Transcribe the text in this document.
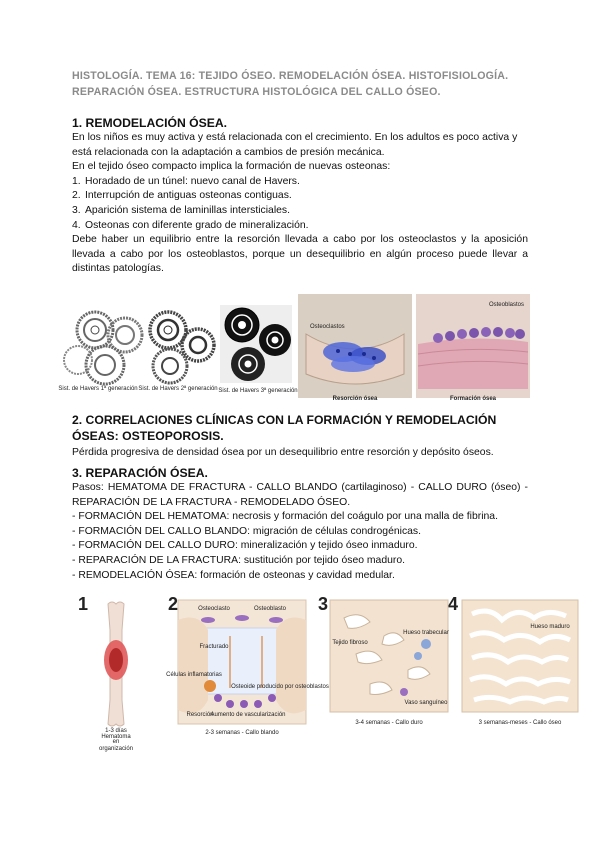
HISTOLOGÍA. TEMA 16: TEJIDO ÓSEO. REMODELACIÓN ÓSEA. HISTOFISIOLOGÍA.
REPARACIÓN ÓSEA. ESTRUCTURA HISTOLÓGICA DEL CALLO ÓSEO.
1. REMODELACIÓN ÓSEA.
En los niños es muy activa y está relacionada con el crecimiento. En los adultos es poco activa y está relacionada con la adaptación a cambios de presión mecánica.
En el tejido óseo compacto implica la formación de nuevas osteonas:
1. Horadado de un túnel: nuevo canal de Havers.
2. Interrupción de antiguas osteonas contiguas.
3. Aparición sistema de laminillas intersticiales.
4. Osteonas con diferente grado de mineralización.
Debe haber un equilibrio entre la resorción llevada a cabo por los osteoclastos y la aposición llevada a cabo por los osteoblastos, porque un desequilibrio en algún proceso puede llevar a distintas patologías.
Sist. de Havers 1ª generación Sist. de Havers 2ª generación Sist. de Havers 3ª generación
Osteoclastos
Resorción ósea
Osteoblastos
Formación ósea
2. CORRELACIONES CLÍNICAS CON LA FORMACIÓN Y REMODELACIÓN ÓSEAS: OSTEOPOROSIS.
Pérdida progresiva de densidad ósea por un desequilibrio entre resorción y depósito óseos.
3. REPARACIÓN ÓSEA.
Pasos: HEMATOMA DE FRACTURA - CALLO BLANDO (cartilaginoso) - CALLO DURO (óseo) - REPARACIÓN DE LA FRACTURA - REMODELADO ÓSEO.
- FORMACIÓN DEL HEMATOMA: necrosis y formación del coágulo por una malla de fibrina.
- FORMACIÓN DEL CALLO BLANDO: migración de células condrogénicas.
- FORMACIÓN DEL CALLO DURO: mineralización y tejido óseo inmaduro.
- REPARACIÓN DE LA FRACTURA: sustitución por tejido óseo maduro.
- REMODELACIÓN ÓSEA: formación de osteonas y cavidad medular.
1	2	3	4
1-3 días
Hematoma
en
organización
Osteoclasto	Osteoblasto
Fracturado
Células inflamatorias
Resorción
Aumento de vascularización
Osteoide producido por osteoblastos
2-3 semanas - Callo blando
Tejido fibroso
Hueso trabecular
Vaso sanguíneo
3-4 semanas - Callo duro
Hueso maduro
3 semanas-meses - Callo óseo
